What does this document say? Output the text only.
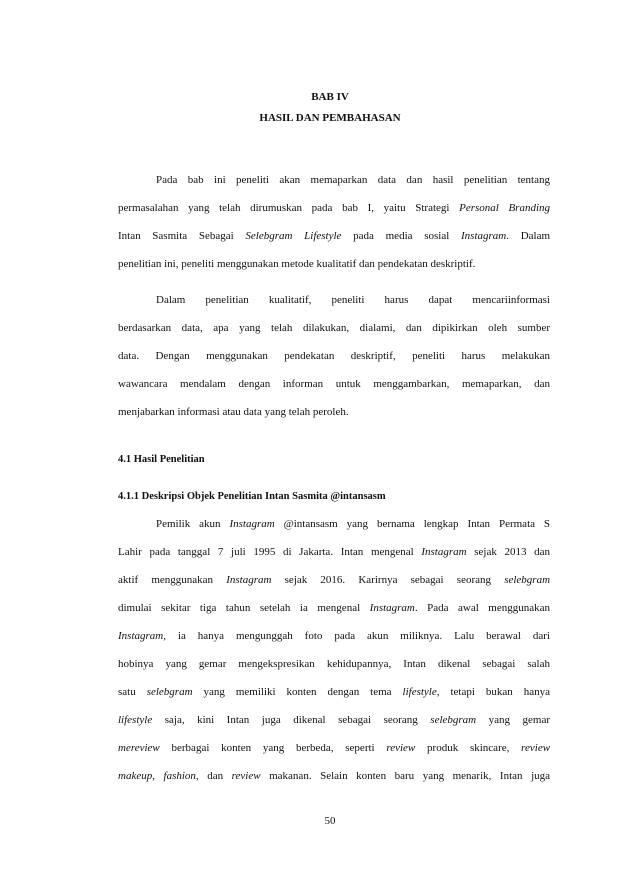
BAB IV

HASIL DAN PEMBAHASAN

Pada bab ini peneliti akan memaparkan data dan hasil penelitian tentang

permasalahan yang telah dirumuskan pada bab I, yaitu Strategi Personal Branding

Intan Sasmita Sebagai Selebgram Lifestyle pada media sosial Instagram. Dalam

penelitian ini, peneliti menggunakan metode kualitatif dan pendekatan deskriptif.

Dalam penelitian kualitatif, peneliti harus dapat mencariinformasi

berdasarkan data, apa yang telah dilakukan, dialami, dan dipikirkan oleh sumber

data. Dengan menggunakan pendekatan deskriptif, peneliti harus melakukan

wawancara mendalam dengan informan untuk menggambarkan, memaparkan, dan

menjabarkan informasi atau data yang telah peroleh.

4.1 Hasil Penelitian

4.1.1 Deskripsi Objek Penelitian Intan Sasmita @intansasm

Pemilik akun Instagram @intansasm yang bernama lengkap Intan Permata S

Lahir pada tanggal 7 juli 1995 di Jakarta. Intan mengenal Instagram sejak 2013 dan

aktif menggunakan Instagram sejak 2016. Karirnya sebagai seorang selebgram

dimulai sekitar tiga tahun setelah ia mengenal Instagram. Pada awal menggunakan

Instagram, ia hanya mengunggah foto pada akun miliknya. Lalu berawal dari

hobinya yang gemar mengekspresikan kehidupannya, Intan dikenal sebagai salah

satu selebgram yang memiliki konten dengan tema lifestyle, tetapi bukan hanya

lifestyle saja, kini Intan juga dikenal sebagai seorang selebgram yang gemar

mereview berbagai konten yang berbeda, seperti review produk skincare, review

makeup, fashion, dan review makanan. Selain konten baru yang menarik, Intan juga

50
